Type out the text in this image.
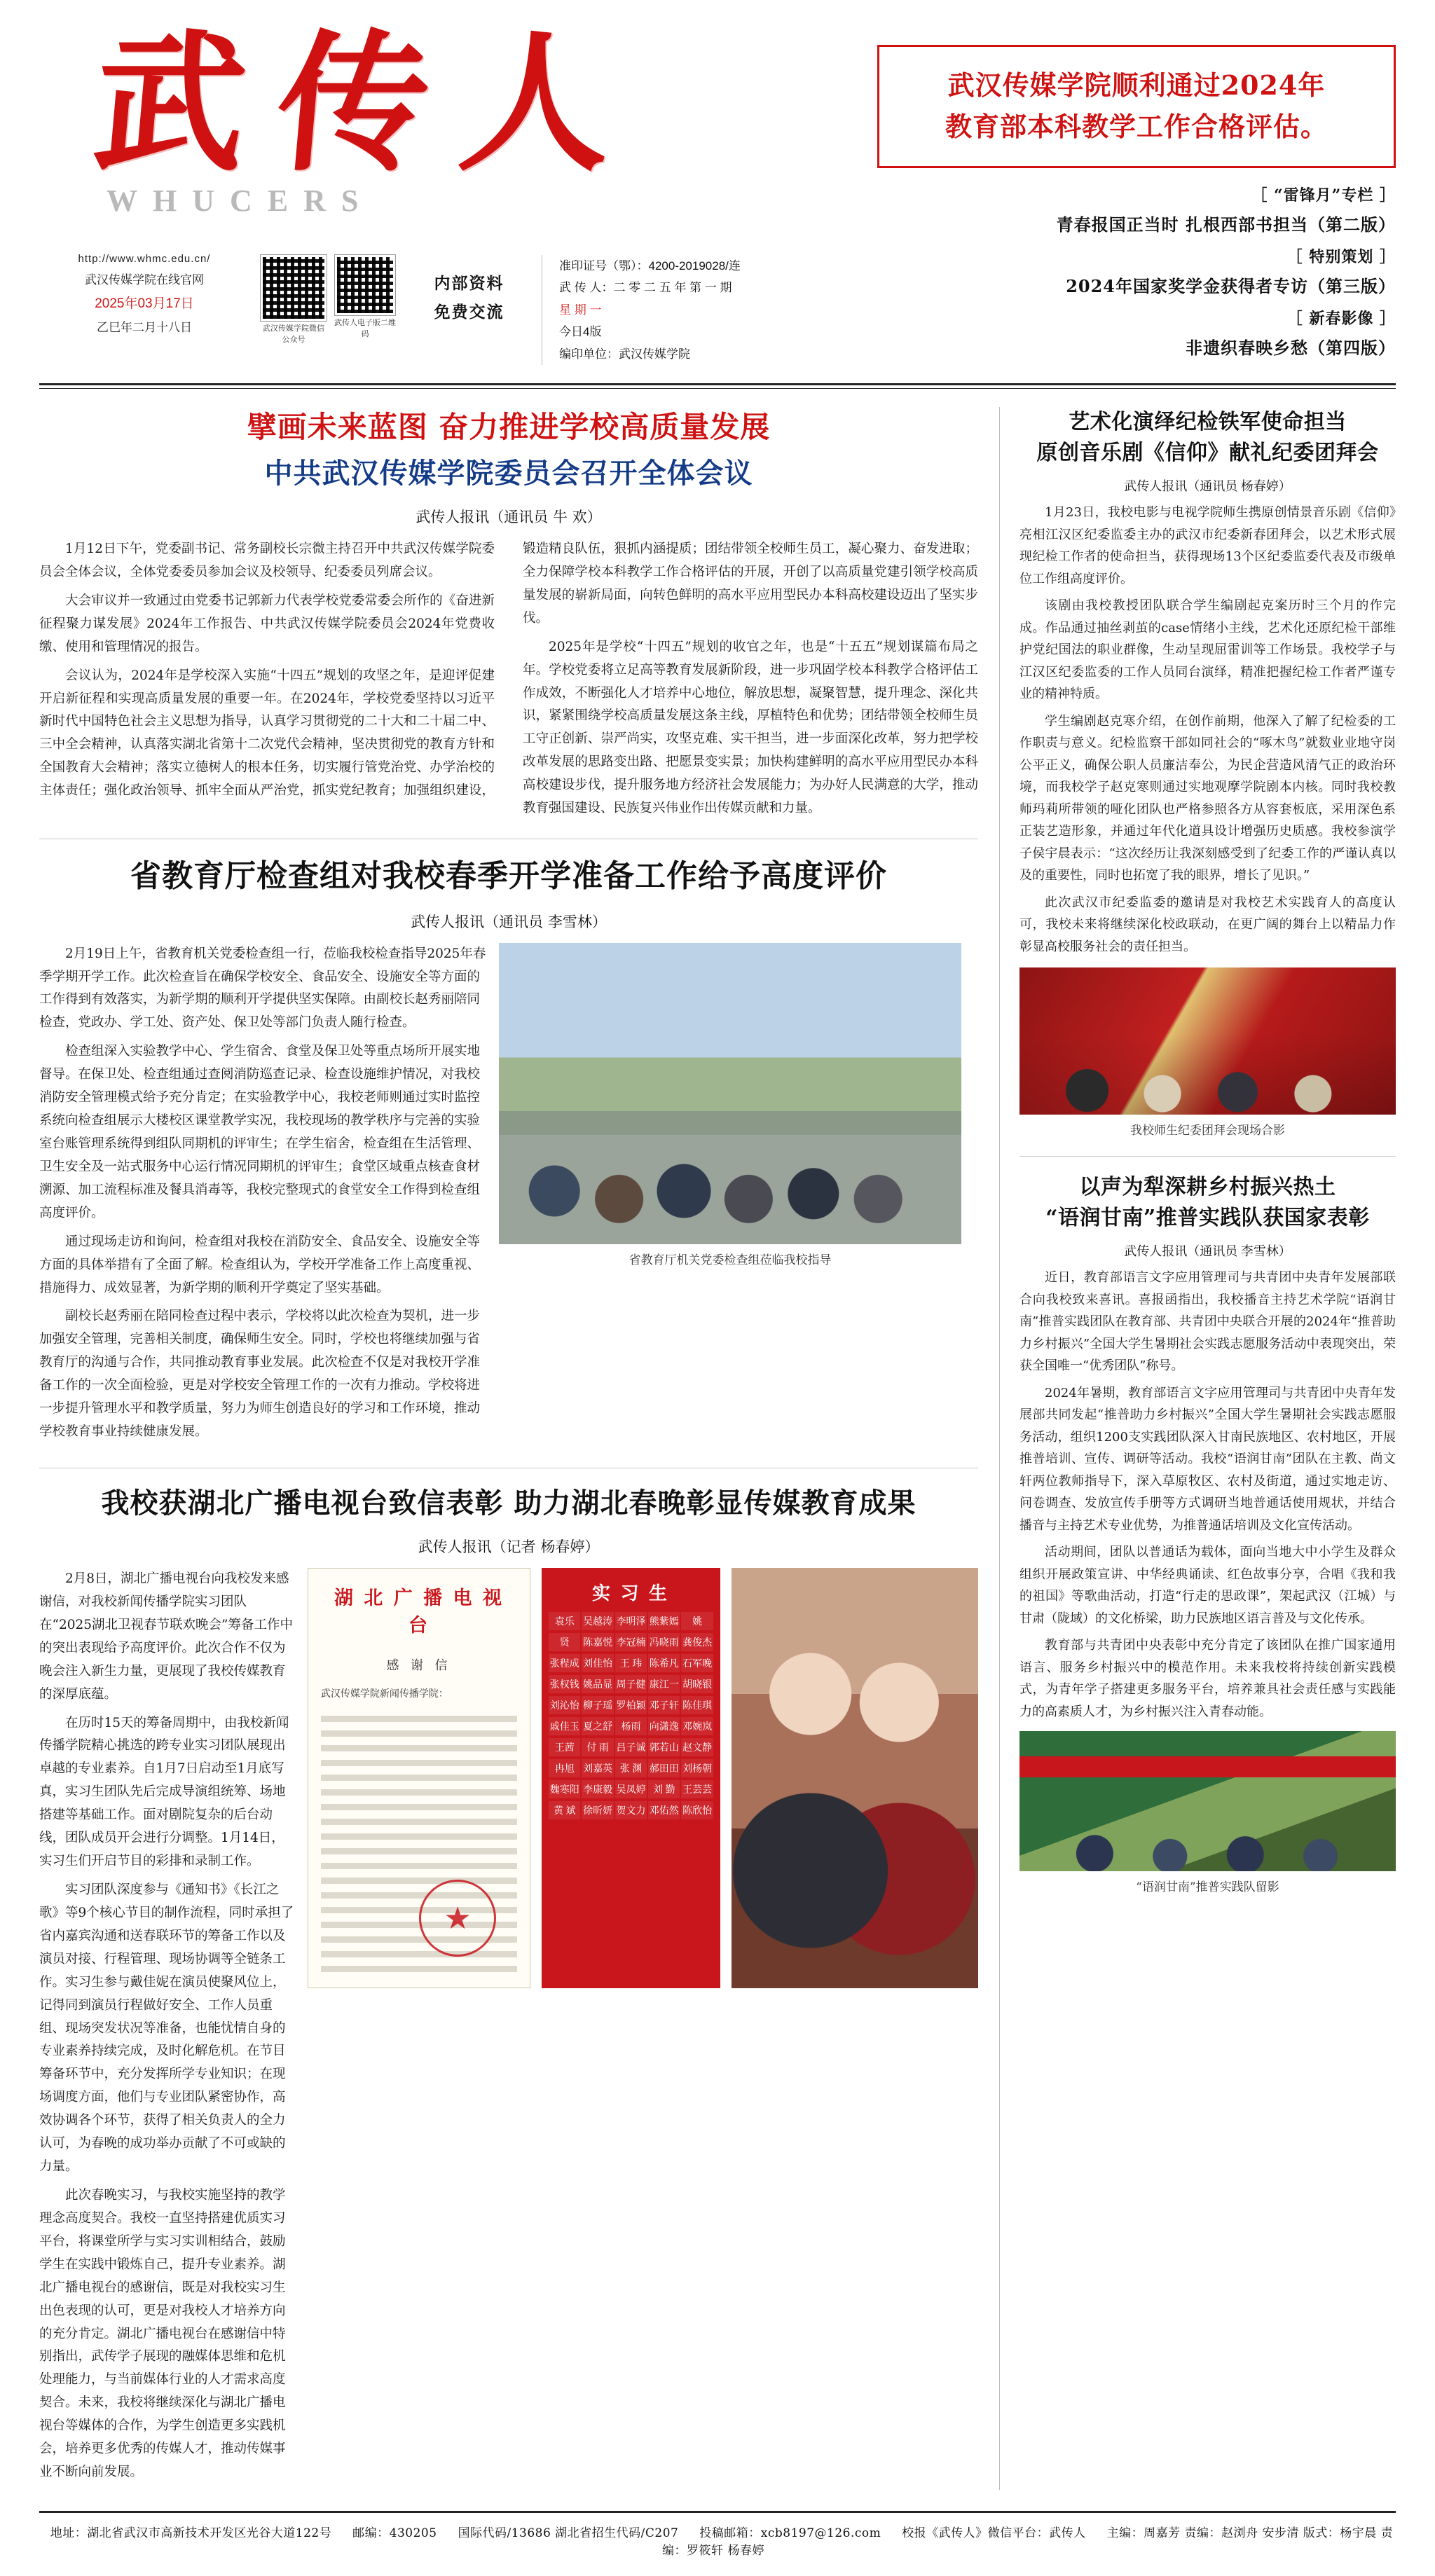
武传人
WHUCERS
http://www.whmc.edu.cn/
武汉传媒学院在线官网
2025年03月17日
乙巳年二月十八日	武汉传媒学院微信公众号
武传人电子版二维码
内部资料
免费交流
准印证号（鄂）：4200-2019028/连
武 传 人：二 零 二 五 年 第 一 期
星 期 一
今日4版
编印单位：武汉传媒学院
武汉传媒学院顺利通过2024年
教育部本科教学工作合格评估。
［ “雷锋月”专栏 ］
青春报国正当时 扎根西部书担当（第二版）
［ 特别策划 ］
2024年国家奖学金获得者专访（第三版）
［ 新春影像 ］
非遗织春映乡愁（第四版）
擘画未来蓝图 奋力推进学校高质量发展
中共武汉传媒学院委员会召开全体会议
武传人报讯（通讯员 牛 欢）

1月12日下午，党委副书记、常务副校长宗微主持召开中共武汉传媒学院委员会全体会议，全体党委委员参加会议及校领导、纪委委员列席会议。

大会审议并一致通过由党委书记郭新力代表学校党委常委会所作的《奋进新征程聚力谋发展》2024年工作报告、中共武汉传媒学院委员会2024年党费收缴、使用和管理情况的报告。

会议认为，2024年是学校深入实施“十四五”规划的攻坚之年，是迎评促建开启新征程和实现高质量发展的重要一年。在2024年，学校党委坚持以习近平新时代中国特色社会主义思想为指导，认真学习贯彻党的二十大和二十届二中、三中全会精神，认真落实湖北省第十二次党代会精神，坚决贯彻党的教育方针和全国教育大会精神；落实立德树人的根本任务，切实履行管党治党、办学治校的主体责任；强化政治领导、抓牢全面从严治党，抓实党纪教育；加强组织建设，锻造精良队伍，狠抓内涵提质；团结带领全校师生员工，凝心聚力、奋发进取；全力保障学校本科教学工作合格评估的开展，开创了以高质量党建引领学校高质量发展的崭新局面，向转色鲜明的高水平应用型民办本科高校建设迈出了坚实步伐。

2025年是学校“十四五”规划的收官之年，也是“十五五”规划谋篇布局之年。学校党委将立足高等教育发展新阶段，进一步巩固学校本科教学合格评估工作成效，不断强化人才培养中心地位，解放思想，凝聚智慧，提升理念、深化共识，紧紧围绕学校高质量发展这条主线，厚植特色和优势；团结带领全校师生员工守正创新、崇严尚实，攻坚克难、实干担当，进一步面深化改革，努力把学校改革发展的思路变出路、把愿景变实景；加快构建鲜明的高水平应用型民办本科高校建设步伐，提升服务地方经济社会发展能力；为办好人民满意的大学，推动教育强国建设、民族复兴伟业作出传媒贡献和力量。

省教育厅检查组对我校春季开学准备工作给予高度评价
武传人报讯（通讯员 李雪林）

2月19日上午，省教育机关党委检查组一行，莅临我校检查指导2025年春季学期开学工作。此次检查旨在确保学校安全、食品安全、设施安全等方面的工作得到有效落实，为新学期的顺利开学提供坚实保障。由副校长赵秀丽陪同检查，党政办、学工处、资产处、保卫处等部门负责人随行检查。

检查组深入实验教学中心、学生宿舍、食堂及保卫处等重点场所开展实地督导。在保卫处、检查组通过查阅消防巡查记录、检查设施维护情况，对我校消防安全管理模式给予充分肯定；在实验教学中心，我校老师则通过实时监控系统向检查组展示大楼校区课堂教学实况，我校现场的教学秩序与完善的实验室台账管理系统得到组队同期机的评审生；在学生宿舍，检查组在生活管理、卫生安全及一站式服务中心运行情况同期机的评审生；食堂区域重点核查食材溯源、加工流程标准及餐具消毒等，我校完整现式的食堂安全工作得到检查组高度评价。

通过现场走访和询问，检查组对我校在消防安全、食品安全、设施安全等方面的具体举措有了全面了解。检查组认为，学校开学准备工作上高度重视、措施得力、成效显著，为新学期的顺利开学奠定了坚实基础。

副校长赵秀丽在陪同检查过程中表示，学校将以此次检查为契机，进一步加强安全管理，完善相关制度，确保师生安全。同时，学校也将继续加强与省教育厅的沟通与合作，共同推动教育事业发展。此次检查不仅是对我校开学准备工作的一次全面检验，更是对学校安全管理工作的一次有力推动。学校将进一步提升管理水平和教学质量，努力为师生创造良好的学习和工作环境，推动学校教育事业持续健康发展。

省教育厅机关党委检查组莅临我校指导
我校获湖北广播电视台致信表彰 助力湖北春晚彰显传媒教育成果
武传人报讯（记者 杨春婷）

2月8日，湖北广播电视台向我校发来感谢信，对我校新闻传播学院实习团队在“2025湖北卫视春节联欢晚会”筹备工作中的突出表现给予高度评价。此次合作不仅为晚会注入新生力量，更展现了我校传媒教育的深厚底蕴。

在历时15天的筹备周期中，由我校新闻传播学院精心挑选的跨专业实习团队展现出卓越的专业素养。自1月7日启动至1月底写真，实习生团队先后完成导演组统筹、场地搭建等基础工作。面对剧院复杂的后台动线，团队成员开会进行分调整。1月14日，实习生们开启节目的彩排和录制工作。

实习团队深度参与《通知书》《长江之歌》等9个核心节目的制作流程，同时承担了省内嘉宾沟通和送春联环节的筹备工作以及演员对接、行程管理、现场协调等全链条工作。实习生参与戴佳妮在演员使聚风位上，记得同到演员行程做好安全、工作人员重组、现场突发状况等准备，也能忧情自身的专业素养持续完成，及时化解危机。在节目筹备环节中，充分发挥所学专业知识；在现场调度方面，他们与专业团队紧密协作，高效协调各个环节，获得了相关负责人的全力认可，为春晚的成功举办贡献了不可或缺的力量。

此次春晚实习，与我校实施坚持的教学理念高度契合。我校一直坚持搭建优质实习平台，将课堂所学与实习实训相结合，鼓励学生在实践中锻炼自己，提升专业素养。湖北广播电视台的感谢信，既是对我校实习生出色表现的认可，更是对我校人才培养方向的充分肯定。湖北广播电视台在感谢信中特别指出，武传学子展现的融媒体思维和危机处理能力，与当前媒体行业的人才需求高度契合。未来，我校将继续深化与湖北广播电视台等媒体的合作，为学生创造更多实践机会，培养更多优秀的传媒人才，推动传媒事业不断向前发展。

湖 北 广 播 电 视 台
感 谢 信
武汉传媒学院新闻传播学院：
★
实 习 生
袁乐 吴越涛 李明泽 熊紫嫣	姚
贤	陈嘉悦 李冠楠 冯晓雨 龚俊杰
张程成 刘佳怡 王 玮 陈希凡 石军晚
张权钱 姚品显 周子健 康江一 胡晓银
刘沁怡 柳子瑶 罗柏颖 邓子轩 陈佳琪
戚佳玉 夏之舒 杨雨 向潇逸 邓婉岚
王茜	付 雨 吕子诚 郭若山 赵文静
冉旭 刘嘉英 张 渊 郝田田 刘杨朝
魏寒阳 李康毅 吴凤婷 刘 勤 王芸芸
黄 斌 徐昕妍 贺文力 邓佑然 陈欣怡
艺术化演绎纪检铁军使命担当
原创音乐剧《信仰》献礼纪委团拜会
武传人报讯（通讯员 杨春婷）

1月23日，我校电影与电视学院师生携原创情景音乐剧《信仰》亮相江汉区纪委监委主办的武汉市纪委新春团拜会，以艺术形式展现纪检工作者的使命担当，获得现场13个区纪委监委代表及市级单位工作组高度评价。

该剧由我校教授团队联合学生编剧起克案历时三个月的作完成。作品通过抽丝剥茧的case情绪小主线，艺术化还原纪检干部维护党纪国法的职业群像，生动呈现屈雷训等工作场景。我校学子与江汉区纪委监委的工作人员同台演绎，精准把握纪检工作者严谨专业的精神特质。

学生编剧赵克寒介绍，在创作前期，他深入了解了纪检委的工作职责与意义。纪检监察干部如同社会的“啄木鸟”就数业业地守岗公平正义，确保公职人员廉洁奉公，为民企营造风清气正的政治环境，而我校学子赵克寒则通过实地观摩学院剧本内核。同时我校教师玛莉所带领的哑化团队也严格参照各方从容套板底，采用深色系正装艺造形象，并通过年代化道具设计增强历史质感。我校参演学子侯宇晨表示：“这次经历让我深刻感受到了纪委工作的严谨认真以及的重要性，同时也拓宽了我的眼界，增长了见识。”

此次武汉市纪委监委的邀请是对我校艺术实践育人的高度认可，我校未来将继续深化校政联动，在更广阔的舞台上以精品力作彰显高校服务社会的责任担当。

我校师生纪委团拜会现场合影
以声为犁深耕乡村振兴热土
“语润甘南”推普实践队获国家表彰
武传人报讯（通讯员 李雪林）

近日，教育部语言文字应用管理司与共青团中央青年发展部联合向我校致来喜讯。喜报函指出，我校播音主持艺术学院“语润甘南”推普实践团队在教育部、共青团中央联合开展的2024年“推普助力乡村振兴”全国大学生暑期社会实践志愿服务活动中表现突出，荣获全国唯一“优秀团队”称号。

2024年暑期，教育部语言文字应用管理司与共青团中央青年发展部共同发起“推普助力乡村振兴”全国大学生暑期社会实践志愿服务活动，组织1200支实践团队深入甘南民族地区、农村地区，开展推普培训、宣传、调研等活动。我校“语润甘南”团队在主教、尚文轩两位教师指导下，深入草原牧区、农村及街道，通过实地走访、问卷调查、发放宣传手册等方式调研当地普通话使用规状，并结合播音与主持艺术专业优势，为推普通话培训及文化宣传活动。

活动期间，团队以普通话为载体，面向当地大中小学生及群众组织开展政策宣讲、中华经典诵读、红色故事分享，合唱《我和我的祖国》等歌曲活动，打造“行走的思政课”，架起武汉（江城）与甘肃（陇域）的文化桥梁，助力民族地区语言普及与文化传承。

教育部与共青团中央表彰中充分肯定了该团队在推广国家通用语言、服务乡村振兴中的模范作用。未来我校将持续创新实践模式，为青年学子搭建更多服务平台，培养兼具社会责任感与实践能力的高素质人才，为乡村振兴注入青春动能。

“语润甘南”推普实践队留影
地址：湖北省武汉市高新技术开发区光谷大道122号 邮编：430205 国际代码/13686 湖北省招生代码/C207 投稿邮箱：xcb8197@126.com 校报《武传人》微信平台：武传人 主编：周嘉芳 责编：赵浏舟 安步清 版式：杨宇晨 责编：罗筱轩 杨春婷
